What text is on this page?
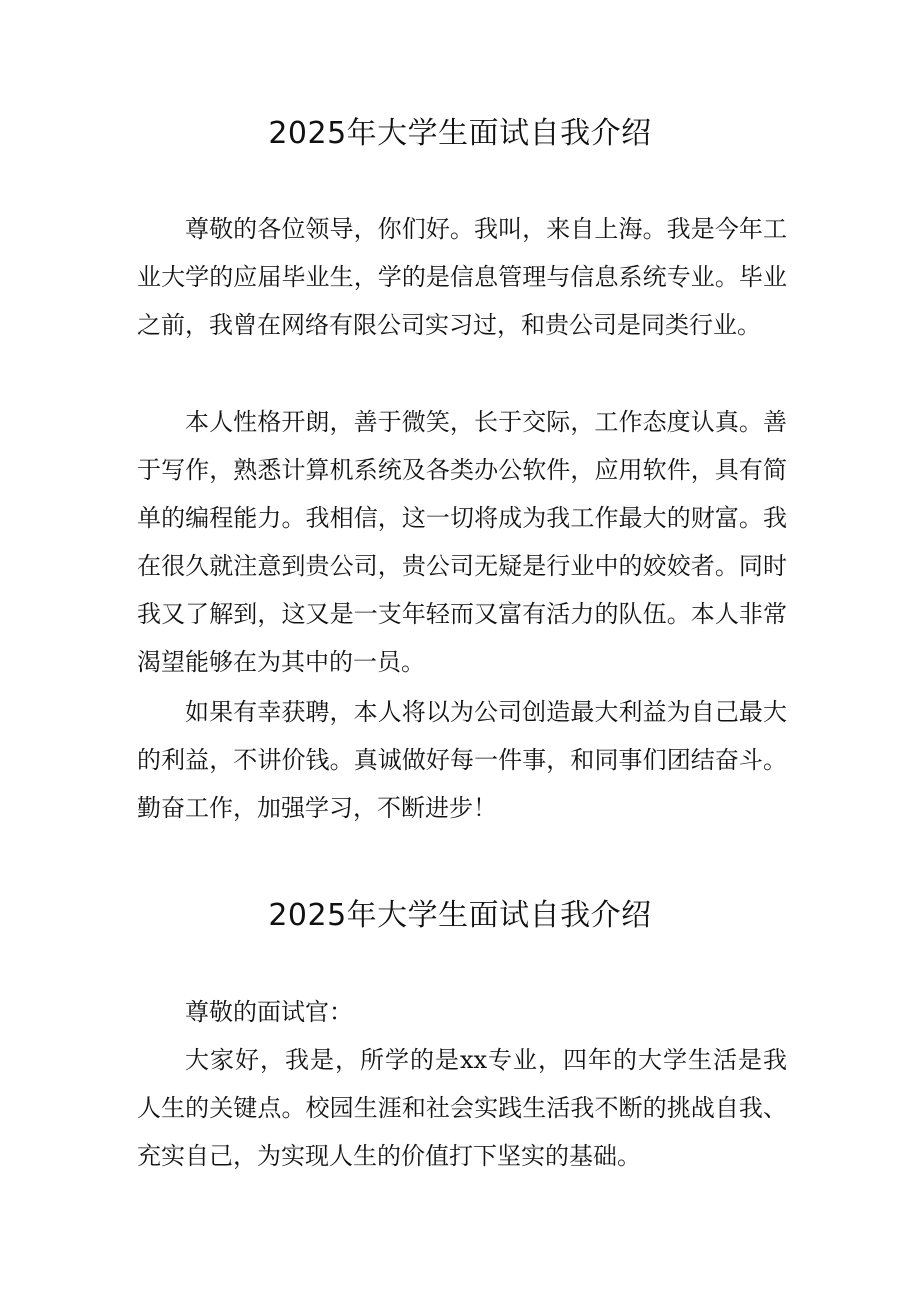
2025年大学生面试自我介绍

尊敬的各位领导，你们好。我叫，来自上海。我是今年工业大学的应届毕业生，学的是信息管理与信息系统专业。毕业之前，我曾在网络有限公司实习过，和贵公司是同类行业。

本人性格开朗，善于微笑，长于交际，工作态度认真。善于写作，熟悉计算机系统及各类办公软件，应用软件，具有简单的编程能力。我相信，这一切将成为我工作最大的财富。我在很久就注意到贵公司，贵公司无疑是行业中的姣姣者。同时我又了解到，这又是一支年轻而又富有活力的队伍。本人非常渴望能够在为其中的一员。

如果有幸获聘，本人将以为公司创造最大利益为自己最大的利益，不讲价钱。真诚做好每一件事，和同事们团结奋斗。勤奋工作，加强学习，不断进步！

2025年大学生面试自我介绍

尊敬的面试官：

大家好，我是，所学的是xx专业，四年的大学生活是我人生的关键点。校园生涯和社会实践生活我不断的挑战自我、充实自己，为实现人生的价值打下坚实的基础。
